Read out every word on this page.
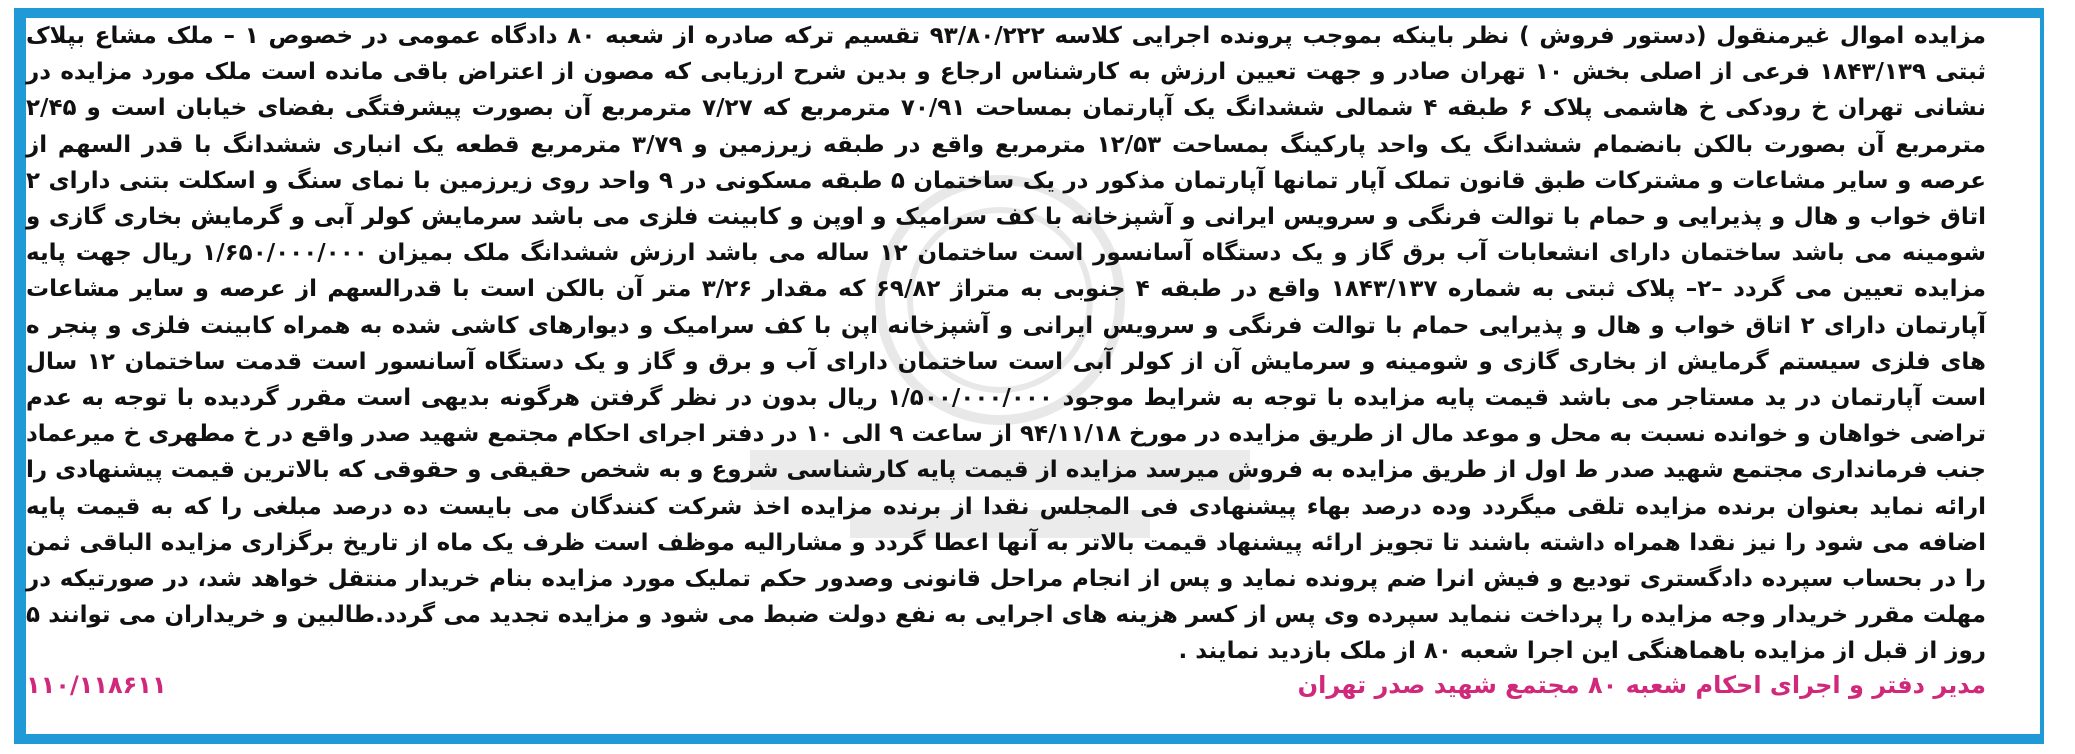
مزایده اموال غیرمنقول (دستور فروش ) نظر باینکه بموجب پرونده اجرایی کلاسه ۹۳/۸۰/۲۲۲ تقسیم ترکه صادره از شعبه ۸۰ دادگاه عمومی در خصوص ۱ – ملک مشاع بپلاک ثبتی ۱۸۴۳/۱۳۹ فرعی از اصلی بخش ۱۰ تهران صادر و جهت تعیین ارزش به کارشناس ارجاع و بدین شرح ارزیابی که مصون از اعتراض باقی مانده است ملک مورد مزایده در نشانی تهران خ رودکی خ هاشمی پلاک ۶ طبقه ۴ شمالی ششدانگ یک آپارتمان بمساحت ۷۰/۹۱ مترمربع که ۷/۲۷ مترمربع آن بصورت پیشرفتگی بفضای خیابان است و ۲/۴۵ مترمربع آن بصورت بالکن بانضمام ششدانگ یک واحد پارکینگ بمساحت ۱۲/۵۳ مترمربع واقع در طبقه زیرزمین و ۳/۷۹ مترمربع قطعه یک انباری ششدانگ با قدر السهم از عرصه و سایر مشاعات و مشترکات طبق قانون تملک آپار تمانها آپارتمان مذکور در یک ساختمان ۵ طبقه مسکونی در ۹ واحد روی زیرزمین با نمای سنگ و اسکلت بتنی دارای ۲ اتاق خواب و هال و پذیرایی و حمام با توالت فرنگی و سرویس ایرانی و آشپزخانه با کف سرامیک و اوپن و کابینت فلزی می باشد سرمایش کولر آبی و گرمایش بخاری گازی و شومینه می باشد ساختمان دارای انشعابات آب برق گاز و یک دستگاه آسانسور است ساختمان ۱۲ ساله می باشد ارزش ششدانگ ملک بمیزان ۱/۶۵۰/۰۰۰/۰۰۰ ریال جهت پایه مزایده تعیین می گردد –۲– پلاک ثبتی به شماره ۱۸۴۳/۱۳۷ واقع در طبقه ۴ جنوبی به متراژ ۶۹/۸۲ که مقدار ۳/۲۶ متر آن بالکن است با قدرالسهم از عرصه و سایر مشاعات آپارتمان دارای ۲ اتاق خواب و هال و پذیرایی حمام با توالت فرنگی و سرویس ایرانی و آشپزخانه اپن با کف سرامیک و دیوارهای کاشی شده به همراه کابینت فلزی و پنجر ه های فلزی سیستم گرمایش از بخاری گازی و شومینه و سرمایش آن از کولر آبی است ساختمان دارای آب و برق و گاز و یک دستگاه آسانسور است قدمت ساختمان ۱۲ سال است آپارتمان در ید مستاجر می باشد قیمت پایه مزایده با توجه به شرایط موجود ۱/۵۰۰/۰۰۰/۰۰۰ ریال بدون در نظر گرفتن هرگونه بدیهی است مقرر گردیده با توجه به عدم تراضی خواهان و خوانده نسبت به محل و موعد مال از طریق مزایده در مورخ ۹۴/۱۱/۱۸ از ساعت ۹ الی ۱۰ در دفتر اجرای احکام مجتمع شهید صدر واقع در خ مطهری خ میرعماد جنب فرمانداری مجتمع شهید صدر ط اول از طریق مزایده به فروش میرسد مزایده از قیمت پایه کارشناسی شروع و به شخص حقیقی و حقوقی که بالاترین قیمت پیشنهادی را ارائه نماید بعنوان برنده مزایده تلقی میگردد وده درصد بهاء پیشنهادی فی المجلس نقدا از برنده مزایده اخذ شرکت کنندگان می بایست ده درصد مبلغی را که به قیمت پایه اضافه می شود را نیز نقدا همراه داشته باشند تا تجویز ارائه پیشنهاد قیمت بالاتر به آنها اعطا گردد و مشارالیه موظف است ظرف یک ماه از تاریخ برگزاری مزایده الباقی ثمن را در بحساب سپرده دادگستری تودیع و فیش انرا ضم پرونده نماید و پس از انجام مراحل قانونی وصدور حکم تملیک مورد مزایده بنام خریدار منتقل خواهد شد، در صورتیکه در مهلت مقرر خریدار وجه مزایده را پرداخت ننماید سپرده وی پس از کسر هزینه های اجرایی به نفع دولت ضبط می شود و مزایده تجدید می گردد.طالبین و خریداران می توانند ۵ روز از قبل از مزایده باهماهنگی این اجرا شعبه ۸۰ از ملک بازدید نمایند .

مدیر دفتر و اجرای احکام شعبه ۸۰ مجتمع شهید صدر تهران
۱۱۰/۱۱۸۶۱۱
